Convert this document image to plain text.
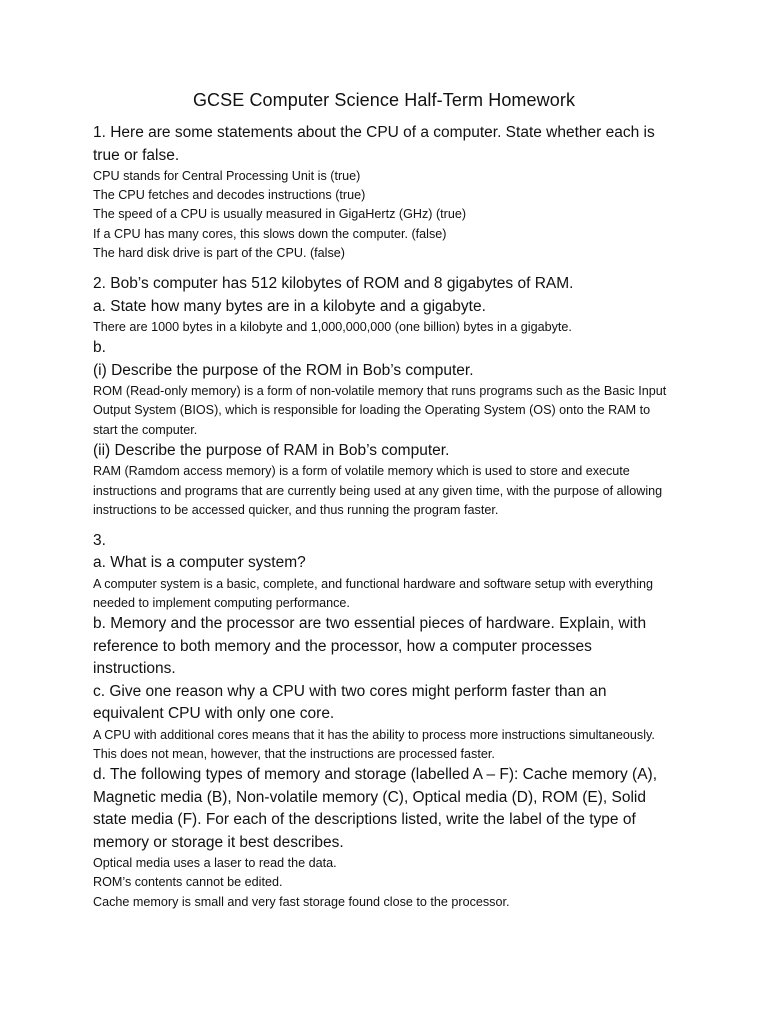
GCSE Computer Science Half-Term Homework

1. Here are some statements about the CPU of a computer. State whether each is true or false.

CPU stands for Central Processing Unit is (true)

The CPU fetches and decodes instructions (true)

The speed of a CPU is usually measured in GigaHertz (GHz) (true)

If a CPU has many cores, this slows down the computer. (false)

The hard disk drive is part of the CPU. (false)

2. Bob’s computer has 512 kilobytes of ROM and 8 gigabytes of RAM.

a. State how many bytes are in a kilobyte and a gigabyte.

There are 1000 bytes in a kilobyte and 1,000,000,000 (one billion) bytes in a gigabyte.

b.

(i) Describe the purpose of the ROM in Bob’s computer.

ROM (Read-only memory) is a form of non-volatile memory that runs programs such as the Basic Input Output System (BIOS), which is responsible for loading the Operating System (OS) onto the RAM to start the computer.

(ii) Describe the purpose of RAM in Bob’s computer.

RAM (Ramdom access memory) is a form of volatile memory which is used to store and execute instructions and programs that are currently being used at any given time, with the purpose of allowing instructions to be accessed quicker, and thus running the program faster.

3.

a. What is a computer system?

A computer system is a basic, complete, and functional hardware and software setup with everything needed to implement computing performance.

b. Memory and the processor are two essential pieces of hardware. Explain, with reference to both memory and the processor, how a computer processes instructions.

c. Give one reason why a CPU with two cores might perform faster than an equivalent CPU with only one core.

A CPU with additional cores means that it has the ability to process more instructions simultaneously. This does not mean, however, that the instructions are processed faster.

d. The following types of memory and storage (labelled A – F): Cache memory (A), Magnetic media (B), Non-volatile memory (C), Optical media (D), ROM (E), Solid state media (F). For each of the descriptions listed, write the label of the type of memory or storage it best describes.

Optical media uses a laser to read the data.

ROM’s contents cannot be edited.

Cache memory is small and very fast storage found close to the processor.
